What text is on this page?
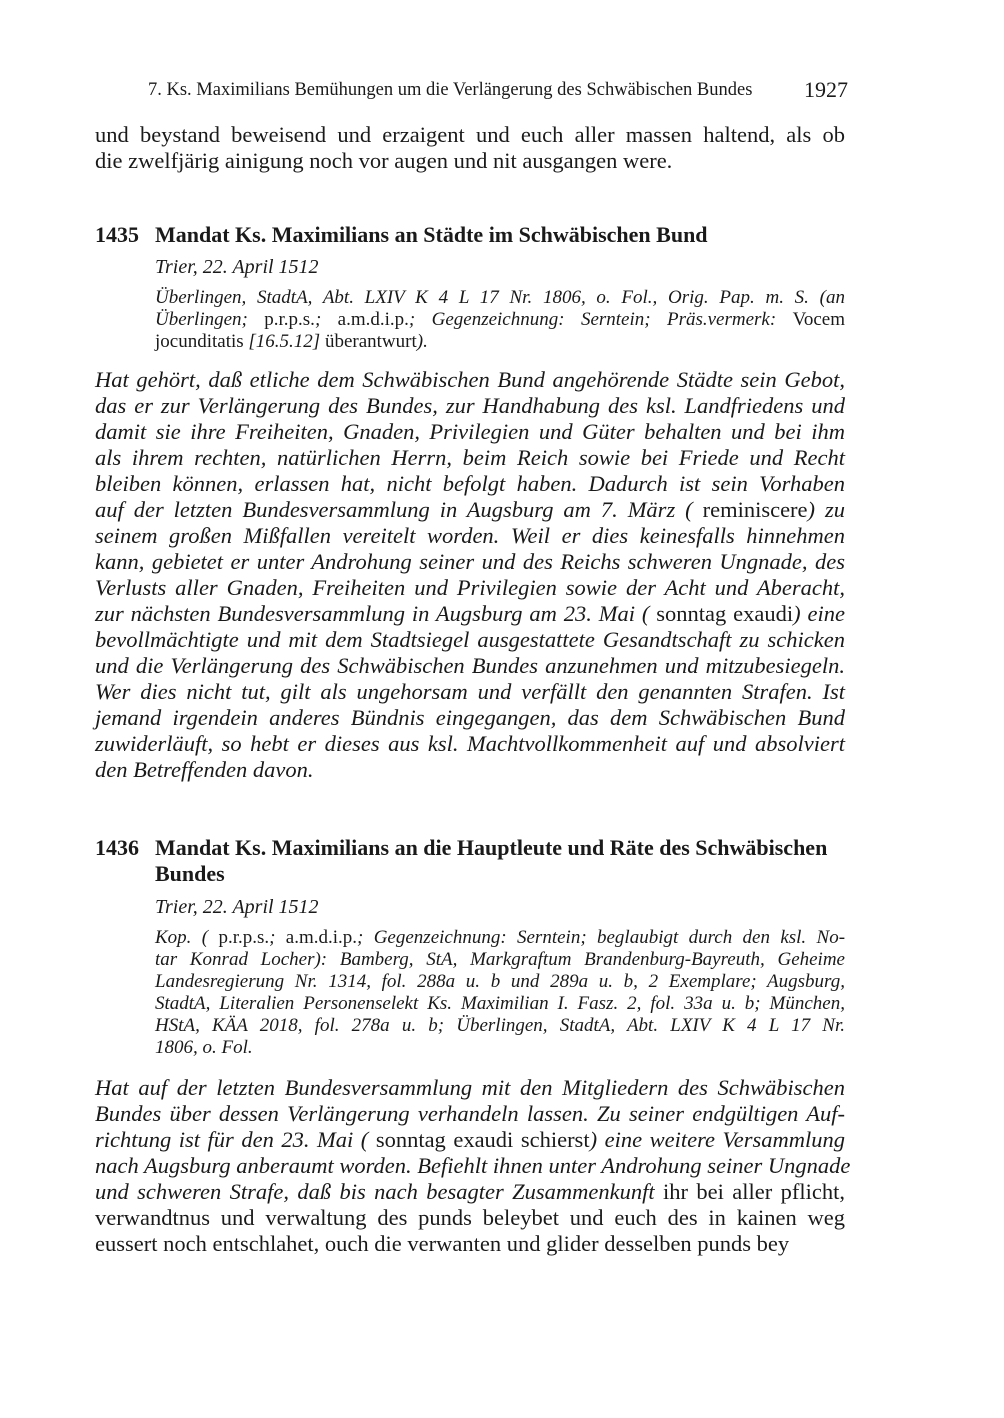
7. Ks. Maximilians Bemühungen um die Verlängerung des Schwäbischen Bundes 1927
und beystand beweisend und erzaigent und euch aller massen haltend, als ob
die zwelfjärig ainigung noch vor augen und nit ausgangen were.
1435 Mandat Ks. Maximilians an Städte im Schwäbischen Bund
Trier, 22. April 1512
Überlingen, StadtA, Abt. LXIV K 4 L 17 Nr. 1806, o. Fol., Orig. Pap. m. S. (an
Überlingen; p.r.p.s.; a.m.d.i.p.; Gegenzeichnung: Serntein; Präs.vermerk: Vocem
jocunditatis [16.5.12] überantwurt).
Hat gehört, daß etliche dem Schwäbischen Bund angehörende Städte sein Gebot,
das er zur Verlängerung des Bundes, zur Handhabung des ksl. Landfriedens und
damit sie ihre Freiheiten, Gnaden, Privilegien und Güter behalten und bei ihm
als ihrem rechten, natürlichen Herrn, beim Reich sowie bei Friede und Recht
bleiben können, erlassen hat, nicht befolgt haben. Dadurch ist sein Vorhaben
auf der letzten Bundesversammlung in Augsburg am 7. März ( reminiscere) zu
seinem großen Mißfallen vereitelt worden. Weil er dies keinesfalls hinnehmen
kann, gebietet er unter Androhung seiner und des Reichs schweren Ungnade, des
Verlusts aller Gnaden, Freiheiten und Privilegien sowie der Acht und Aberacht,
zur nächsten Bundesversammlung in Augsburg am 23. Mai ( sonntag exaudi) eine
bevollmächtigte und mit dem Stadtsiegel ausgestattete Gesandtschaft zu schicken
und die Verlängerung des Schwäbischen Bundes anzunehmen und mitzubesiegeln.
Wer dies nicht tut, gilt als ungehorsam und verfällt den genannten Strafen. Ist
jemand irgendein anderes Bündnis eingegangen, das dem Schwäbischen Bund
zuwiderläuft, so hebt er dieses aus ksl. Machtvollkommenheit auf und absolviert
den Betreffenden davon.
1436 Mandat Ks. Maximilians an die Hauptleute und Räte des Schwäbischen
Bundes
Trier, 22. April 1512
Kop. ( p.r.p.s.; a.m.d.i.p.; Gegenzeichnung: Serntein; beglaubigt durch den ksl. No-
tar Konrad Locher): Bamberg, StA, Markgraftum Brandenburg-Bayreuth, Geheime
Landesregierung Nr. 1314, fol. 288a u. b und 289a u. b, 2 Exemplare; Augsburg,
StadtA, Literalien Personenselekt Ks. Maximilian I. Fasz. 2, fol. 33a u. b; München,
HStA, KÄA 2018, fol. 278a u. b; Überlingen, StadtA, Abt. LXIV K 4 L 17 Nr.
1806, o. Fol.
Hat auf der letzten Bundesversammlung mit den Mitgliedern des Schwäbischen
Bundes über dessen Verlängerung verhandeln lassen. Zu seiner endgültigen Auf-
richtung ist für den 23. Mai ( sonntag exaudi schierst) eine weitere Versammlung
nach Augsburg anberaumt worden. Befiehlt ihnen unter Androhung seiner Ungnade
und schweren Strafe, daß bis nach besagter Zusammenkunft ihr bei aller pflicht,
verwandtnus und verwaltung des punds beleybet und euch des in kainen weg
eussert noch entschlahet, ouch die verwanten und glider desselben punds bey
